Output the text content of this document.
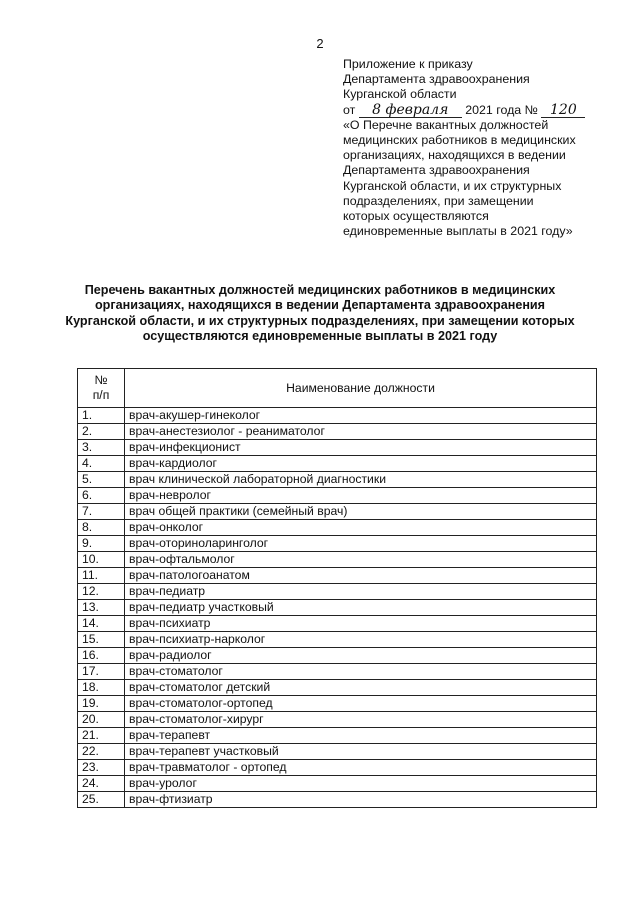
2
Приложение к приказу
Департамента здравоохранения
Курганской области
от 8 февраля 2021 года № 120
«О Перечне вакантных должностей
медицинских работников в медицинских
организациях, находящихся в ведении
Департамента здравоохранения
Курганской области, и их структурных
подразделениях, при замещении
которых осуществляются
единовременные выплаты в 2021 году»
Перечень вакантных должностей медицинских работников в медицинских
организациях, находящихся в ведении Департамента здравоохранения
Курганской области, и их структурных подразделениях, при замещении которых
осуществляются единовременные выплаты в 2021 году
№
п/п	Наименование должности
1.	врач-акушер-гинеколог
2.	врач-анестезиолог - реаниматолог
3.	врач-инфекционист
4.	врач-кардиолог
5.	врач клинической лабораторной диагностики
6.	врач-невролог
7.	врач общей практики (семейный врач)
8.	врач-онколог
9.	врач-оториноларинголог
10.	врач-офтальмолог
11.	врач-патологоанатом
12.	врач-педиатр
13.	врач-педиатр участковый
14.	врач-психиатр
15.	врач-психиатр-нарколог
16.	врач-радиолог
17.	врач-стоматолог
18.	врач-стоматолог детский
19.	врач-стоматолог-ортопед
20.	врач-стоматолог-хирург
21.	врач-терапевт
22.	врач-терапевт участковый
23.	врач-травматолог - ортопед
24.	врач-уролог
25.	врач-фтизиатр
